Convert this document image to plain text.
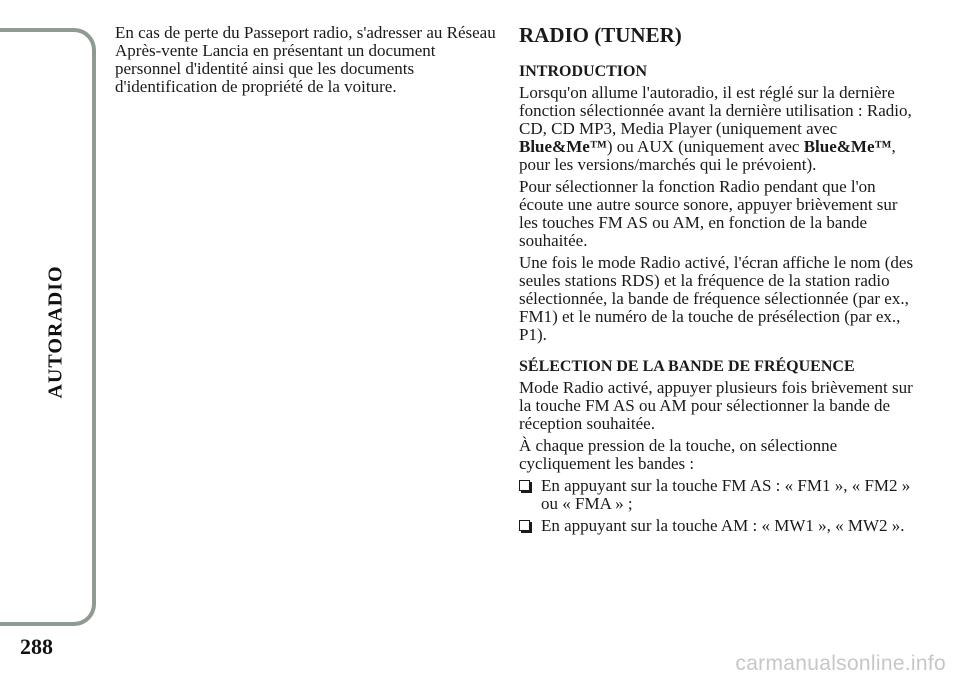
AUTORADIO
288

En cas de perte du Passeport radio, s'adresser au Réseau Après-vente Lancia en présentant un document personnel d'identité ainsi que les documents d'identification de propriété de la voiture.

RADIO (TUNER)
INTRODUCTION

Lorsqu'on allume l'autoradio, il est réglé sur la dernière fonction sélectionnée avant la dernière utilisation : Radio, CD, CD MP3, Media Player (uniquement avec Blue&Me™) ou AUX (uniquement avec Blue&Me™, pour les versions/marchés qui le prévoient).

Pour sélectionner la fonction Radio pendant que l'on écoute une autre source sonore, appuyer brièvement sur les touches FM AS ou AM, en fonction de la bande souhaitée.

Une fois le mode Radio activé, l'écran affiche le nom (des seules stations RDS) et la fréquence de la station radio sélectionnée, la bande de fréquence sélectionnée (par ex., FM1) et le numéro de la touche de présélection (par ex., P1).

SÉLECTION DE LA BANDE DE FRÉQUENCE

Mode Radio activé, appuyer plusieurs fois brièvement sur la touche FM AS ou AM pour sélectionner la bande de réception souhaitée.

À chaque pression de la touche, on sélectionne cycliquement les bandes :

En appuyant sur la touche FM AS : « FM1 », « FM2 » ou « FMA » ;
En appuyant sur la touche AM : « MW1 », « MW2 ».
carmanualsonline.info
